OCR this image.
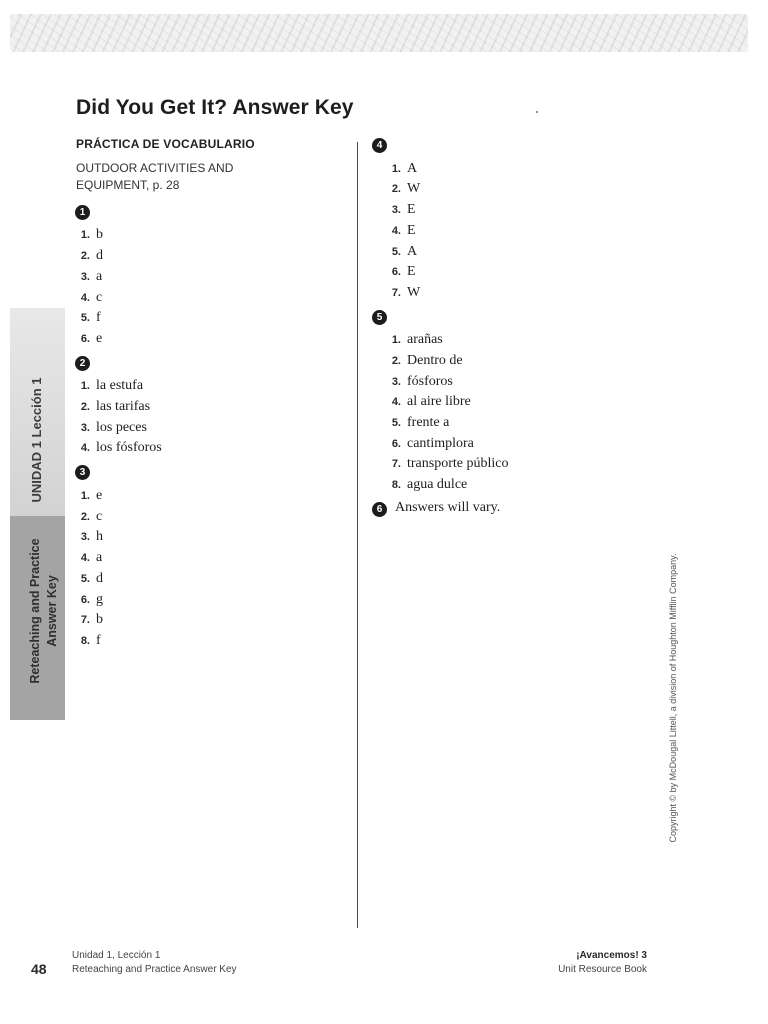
Did You Get It? Answer Key
PRÁCTICA DE VOCABULARIO
OUTDOOR ACTIVITIES AND
EQUIPMENT, p. 28
1
1. b
2. d
3. a
4. c
5. f
6. e
2
1. la estufa
2. las tarifas
3. los peces
4. los fósforos
3
1. e
2. c
3. h
4. a
5. d
6. g
7. b
8. f
4
1. A
2. W
3. E
4. E
5. A
6. E
7. W
5
1. arañas
2. Dentro de
3. fósforos
4. al aire libre
5. frente a
6. cantimplora
7. transporte público
8. agua dulce
6 Answers will vary.
UNIDAD 1 Lección 1
Reteaching and Practice Answer Key	Copyright © by McDougal Littell, a division of Houghton Mifflin Company.
48
Unidad 1, Lección 1
Reteaching and Practice Answer Key
¡Avancemos! 3
Unit Resource Book
